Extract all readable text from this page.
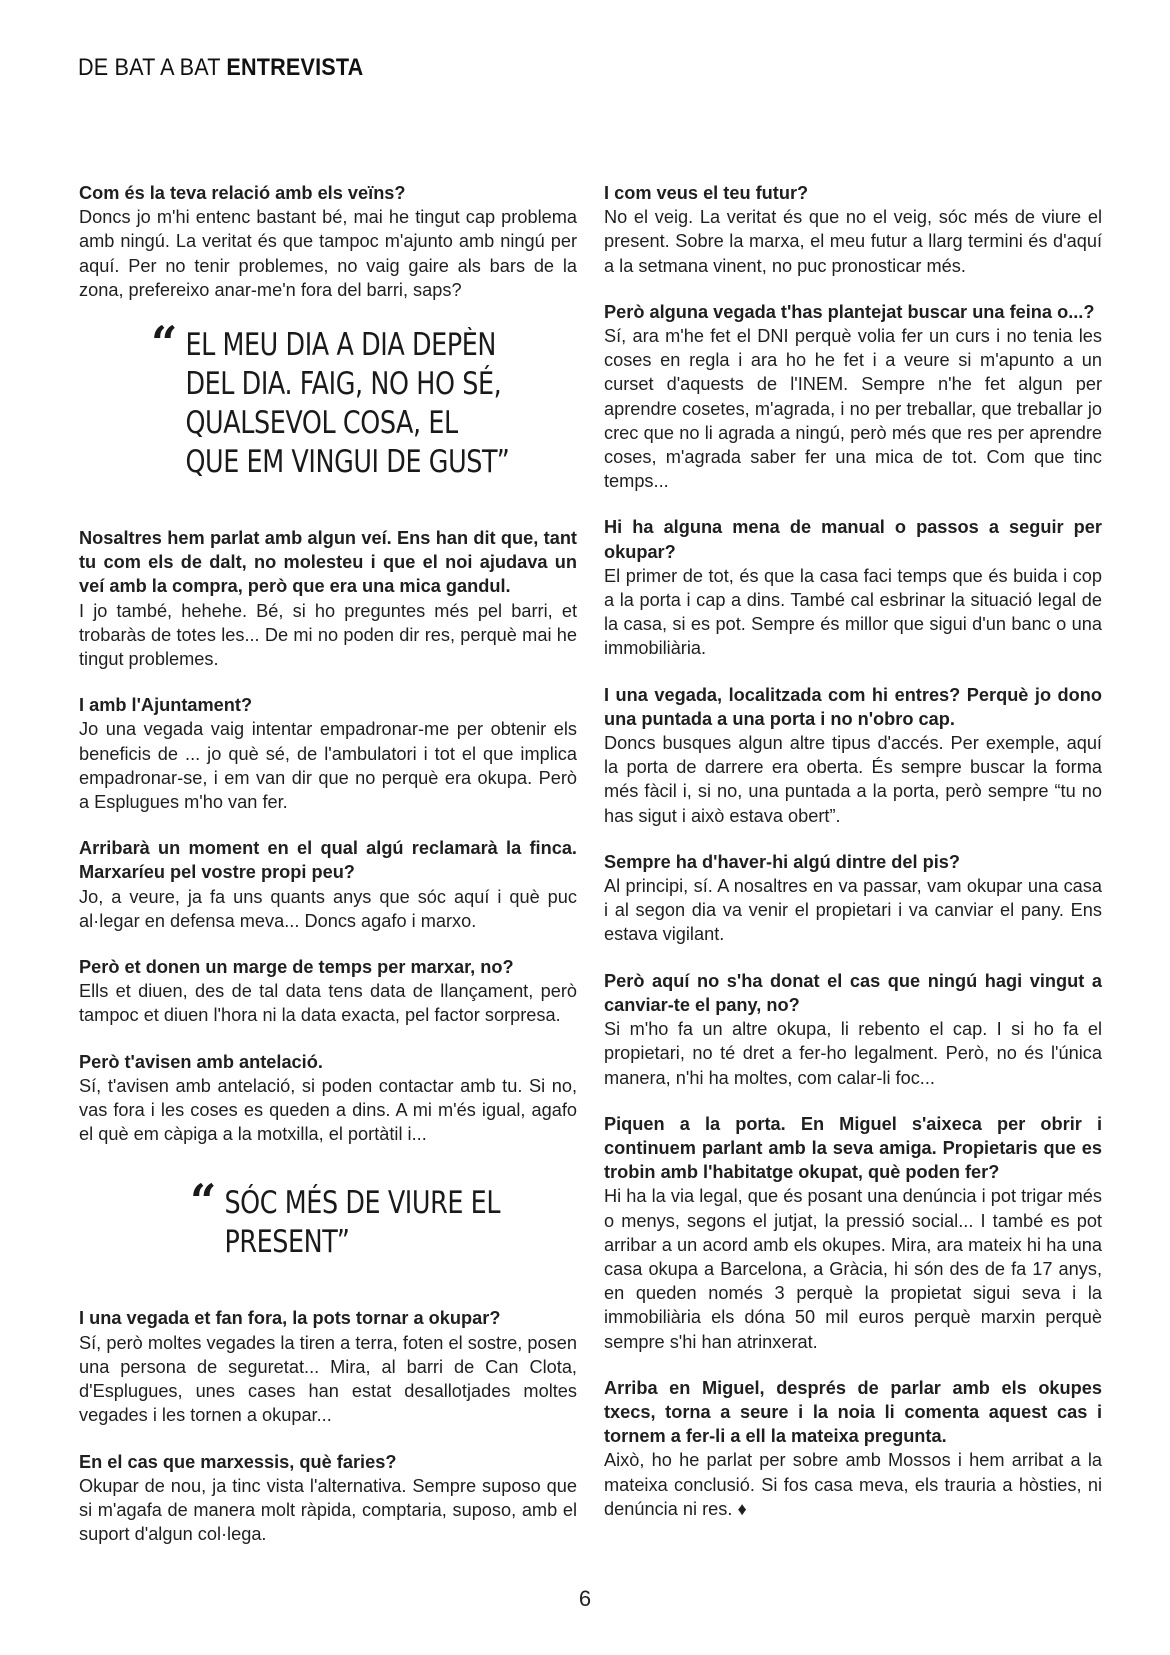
DE BAT A BAT ENTREVISTA

Com és la teva relació amb els veïns?

Doncs jo m'hi entenc bastant bé, mai he tingut cap problema amb ningú. La veritat és que tampoc m'ajunto amb ningú per aquí. Per no tenir problemes, no vaig gaire als bars de la zona, prefereixo anar-me'n fora del barri, saps?

“ EL MEU DIA A DIA DEPÈN DEL DIA. FAIG, NO HO SÉ, QUALSEVOL COSA, EL QUE EM VINGUI DE GUST”

Nosaltres hem parlat amb algun veí. Ens han dit que, tant tu com els de dalt, no molesteu i que el noi ajudava un veí amb la compra, però que era una mica gandul.

I jo també, hehehe. Bé, si ho preguntes més pel barri, et trobaràs de totes les... De mi no poden dir res, perquè mai he tingut problemes.

I amb l'Ajuntament?

Jo una vegada vaig intentar empadronar-me per obtenir els beneficis de ... jo què sé, de l'ambulatori i tot el que implica empadronar-se, i em van dir que no perquè era okupa. Però a Esplugues m'ho van fer.

Arribarà un moment en el qual algú reclamarà la finca. Marxaríeu pel vostre propi peu?

Jo, a veure, ja fa uns quants anys que sóc aquí i què puc al·legar en defensa meva... Doncs agafo i marxo.

Però et donen un marge de temps per marxar, no?

Ells et diuen, des de tal data tens data de llançament, però tampoc et diuen l'hora ni la data exacta, pel factor sorpresa.

Però t'avisen amb antelació.

Sí, t'avisen amb antelació, si poden contactar amb tu. Si no, vas fora i les coses es queden a dins. A mi m'és igual, agafo el què em càpiga a la motxilla, el portàtil i...

“ SÓC MÉS DE VIURE EL PRESENT”

I una vegada et fan fora, la pots tornar a okupar?

Sí, però moltes vegades la tiren a terra, foten el sostre, posen una persona de seguretat... Mira, al barri de Can Clota, d'Esplugues, unes cases han estat desallotjades moltes vegades i les tornen a okupar...

En el cas que marxessis, què faries?

Okupar de nou, ja tinc vista l'alternativa. Sempre suposo que si m'agafa de manera molt ràpida, comptaria, suposo, amb el suport d'algun col·lega.

I com veus el teu futur?

No el veig. La veritat és que no el veig, sóc més de viure el present. Sobre la marxa, el meu futur a llarg termini és d'aquí a la setmana vinent, no puc pronosticar més.

Però alguna vegada t'has plantejat buscar una feina o...?

Sí, ara m'he fet el DNI perquè volia fer un curs i no tenia les coses en regla i ara ho he fet i a veure si m'apunto a un curset d'aquests de l'INEM. Sempre n'he fet algun per aprendre cosetes, m'agrada, i no per treballar, que treballar jo crec que no li agrada a ningú, però més que res per aprendre coses, m'agrada saber fer una mica de tot. Com que tinc temps...

Hi ha alguna mena de manual o passos a seguir per okupar?

El primer de tot, és que la casa faci temps que és buida i cop a la porta i cap a dins. També cal esbrinar la situació legal de la casa, si es pot. Sempre és millor que sigui d'un banc o una immobiliària.

I una vegada, localitzada com hi entres? Perquè jo dono una puntada a una porta i no n'obro cap.

Doncs busques algun altre tipus d'accés. Per exemple, aquí la porta de darrere era oberta. És sempre buscar la forma més fàcil i, si no, una puntada a la porta, però sempre “tu no has sigut i això estava obert”.

Sempre ha d'haver-hi algú dintre del pis?

Al principi, sí. A nosaltres en va passar, vam okupar una casa i al segon dia va venir el propietari i va canviar el pany. Ens estava vigilant.

Però aquí no s'ha donat el cas que ningú hagi vingut a canviar-te el pany, no?

Si m'ho fa un altre okupa, li rebento el cap. I si ho fa el propietari, no té dret a fer-ho legalment. Però, no és l'única manera, n'hi ha moltes, com calar-li foc...

Piquen a la porta. En Miguel s'aixeca per obrir i continuem parlant amb la seva amiga. Propietaris que es trobin amb l'habitatge okupat, què poden fer?

Hi ha la via legal, que és posant una denúncia i pot trigar més o menys, segons el jutjat, la pressió social... I també es pot arribar a un acord amb els okupes. Mira, ara mateix hi ha una casa okupa a Barcelona, a Gràcia, hi són des de fa 17 anys, en queden només 3 perquè la propietat sigui seva i la immobiliària els dóna 50 mil euros perquè marxin perquè sempre s'hi han atrinxerat.

Arriba en Miguel, després de parlar amb els okupes txecs, torna a seure i la noia li comenta aquest cas i tornem a fer-li a ell la mateixa pregunta.

Això, ho he parlat per sobre amb Mossos i hem arribat a la mateixa conclusió. Si fos casa meva, els trauria a hòsties, ni denúncia ni res. ♦

6
